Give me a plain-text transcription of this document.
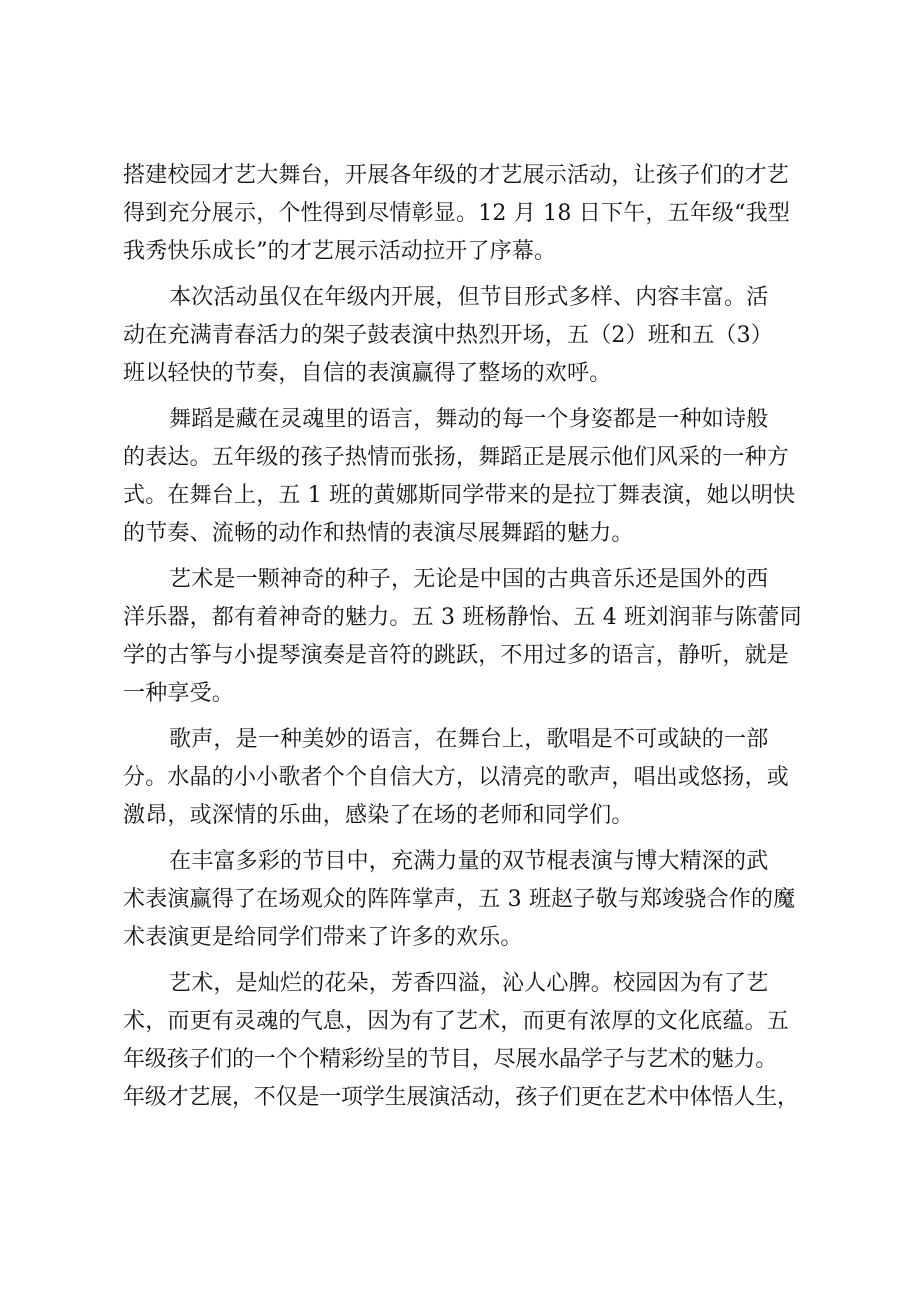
搭建校园才艺大舞台，开展各年级的才艺展示活动，让孩子们的才艺
得到充分展示，个性得到尽情彰显。12 月 18 日下午，五年级“我型
我秀快乐成长”的才艺展示活动拉开了序幕。
本次活动虽仅在年级内开展，但节目形式多样、内容丰富。活
动在充满青春活力的架子鼓表演中热烈开场，五（2）班和五（3）
班以轻快的节奏，自信的表演赢得了整场的欢呼。
舞蹈是藏在灵魂里的语言，舞动的每一个身姿都是一种如诗般
的表达。五年级的孩子热情而张扬，舞蹈正是展示他们风采的一种方
式。在舞台上，五 1 班的黄娜斯同学带来的是拉丁舞表演，她以明快
的节奏、流畅的动作和热情的表演尽展舞蹈的魅力。
艺术是一颗神奇的种子，无论是中国的古典音乐还是国外的西
洋乐器，都有着神奇的魅力。五 3 班杨静怡、五 4 班刘润菲与陈蕾同
学的古筝与小提琴演奏是音符的跳跃，不用过多的语言，静听，就是
一种享受。
歌声，是一种美妙的语言，在舞台上，歌唱是不可或缺的一部
分。水晶的小小歌者个个自信大方，以清亮的歌声，唱出或悠扬，或
激昂，或深情的乐曲，感染了在场的老师和同学们。
在丰富多彩的节目中，充满力量的双节棍表演与博大精深的武
术表演赢得了在场观众的阵阵掌声，五 3 班赵子敬与郑竣骁合作的魔
术表演更是给同学们带来了许多的欢乐。
艺术，是灿烂的花朵，芳香四溢，沁人心脾。校园因为有了艺
术，而更有灵魂的气息，因为有了艺术，而更有浓厚的文化底蕴。五
年级孩子们的一个个精彩纷呈的节目，尽展水晶学子与艺术的魅力。
年级才艺展，不仅是一项学生展演活动，孩子们更在艺术中体悟人生，
